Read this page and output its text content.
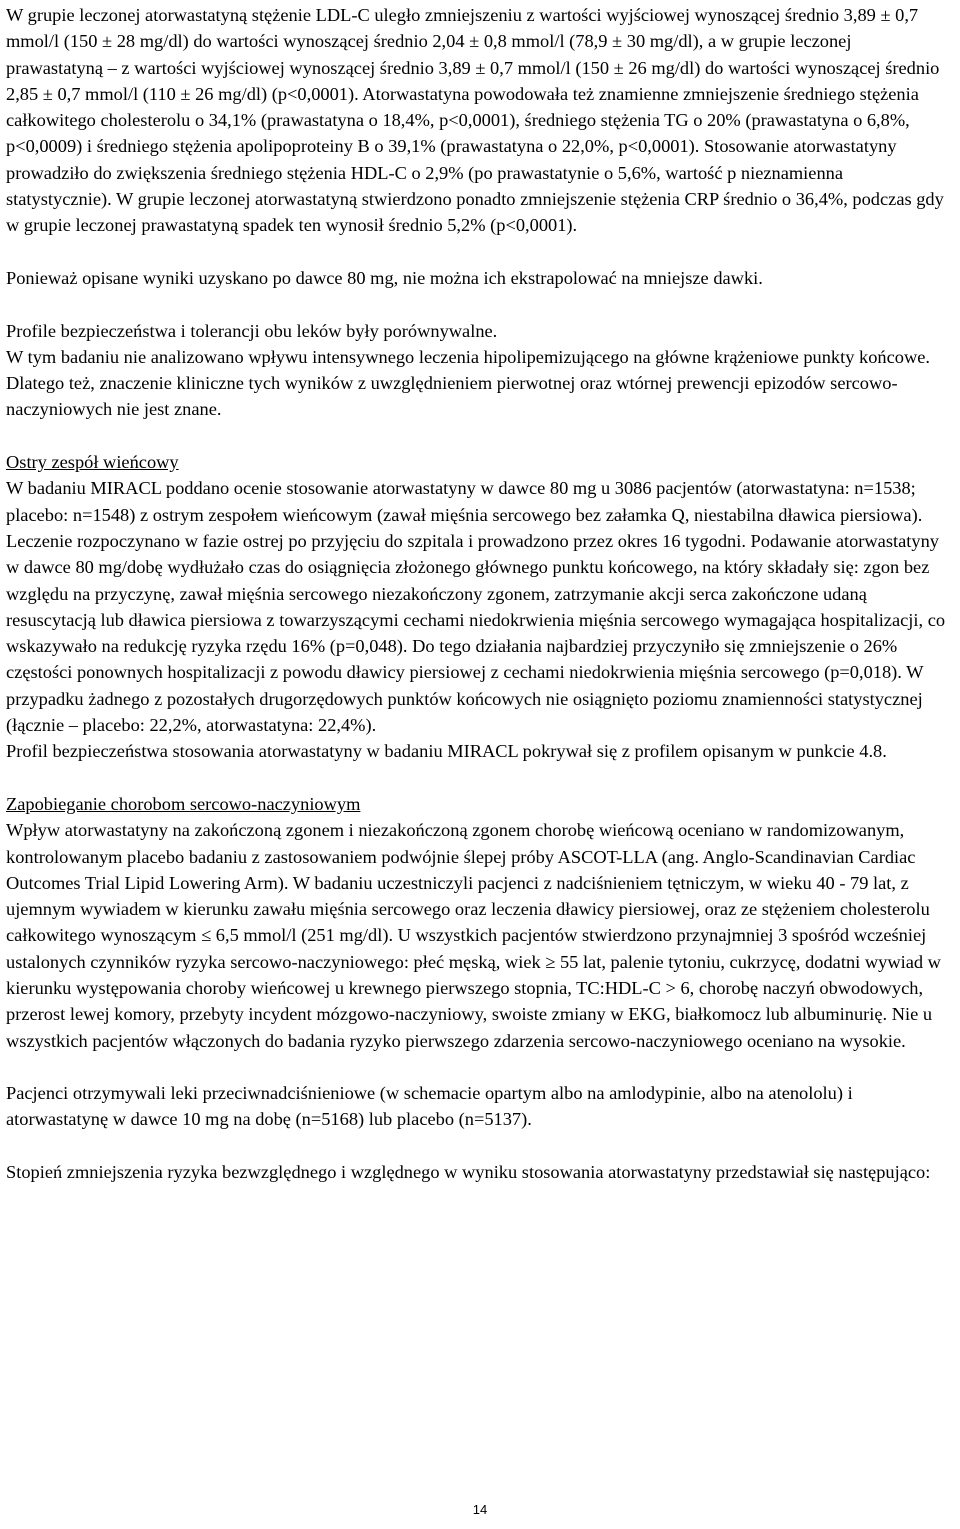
W grupie leczonej atorwastatyną stężenie LDL-C uległo zmniejszeniu z wartości wyjściowej wynoszącej średnio 3,89 ± 0,7 mmol/l (150 ± 28 mg/dl) do wartości wynoszącej średnio 2,04 ± 0,8 mmol/l (78,9 ± 30 mg/dl), a w grupie leczonej prawastatyną – z wartości wyjściowej wynoszącej średnio 3,89 ± 0,7 mmol/l (150 ± 26 mg/dl) do wartości wynoszącej średnio 2,85 ± 0,7 mmol/l (110 ± 26 mg/dl) (p<0,0001). Atorwastatyna powodowała też znamienne zmniejszenie średniego stężenia całkowitego cholesterolu o 34,1% (prawastatyna o 18,4%, p<0,0001), średniego stężenia TG o 20% (prawastatyna o 6,8%, p<0,0009) i średniego stężenia apolipoproteiny B o 39,1% (prawastatyna o 22,0%, p<0,0001). Stosowanie atorwastatyny prowadziło do zwiększenia średniego stężenia HDL-C o 2,9% (po prawastatynie o 5,6%, wartość p nieznamienna statystycznie). W grupie leczonej atorwastatyną stwierdzono ponadto zmniejszenie stężenia CRP średnio o 36,4%, podczas gdy w grupie leczonej prawastatyną spadek ten wynosił średnio 5,2% (p<0,0001).

Ponieważ opisane wyniki uzyskano po dawce 80 mg, nie można ich ekstrapolować na mniejsze dawki.

Profile bezpieczeństwa i tolerancji obu leków były porównywalne.

W tym badaniu nie analizowano wpływu intensywnego leczenia hipolipemizującego na główne krążeniowe punkty końcowe. Dlatego też, znaczenie kliniczne tych wyników z uwzględnieniem pierwotnej oraz wtórnej prewencji epizodów sercowo-naczyniowych nie jest znane.

Ostry zespół wieńcowy

W badaniu MIRACL poddano ocenie stosowanie atorwastatyny w dawce 80 mg u 3086 pacjentów (atorwastatyna: n=1538; placebo: n=1548) z ostrym zespołem wieńcowym (zawał mięśnia sercowego bez załamka Q, niestabilna dławica piersiowa). Leczenie rozpoczynano w fazie ostrej po przyjęciu do szpitala i prowadzono przez okres 16 tygodni. Podawanie atorwastatyny w dawce 80 mg/dobę wydłużało czas do osiągnięcia złożonego głównego punktu końcowego, na który składały się: zgon bez względu na przyczynę, zawał mięśnia sercowego niezakończony zgonem, zatrzymanie akcji serca zakończone udaną resuscytacją lub dławica piersiowa z towarzyszącymi cechami niedokrwienia mięśnia sercowego wymagająca hospitalizacji, co wskazywało na redukcję ryzyka rzędu 16% (p=0,048). Do tego działania najbardziej przyczyniło się zmniejszenie o 26% częstości ponownych hospitalizacji z powodu dławicy piersiowej z cechami niedokrwienia mięśnia sercowego (p=0,018). W przypadku żadnego z pozostałych drugorzędowych punktów końcowych nie osiągnięto poziomu znamienności statystycznej (łącznie – placebo: 22,2%, atorwastatyna: 22,4%).

Profil bezpieczeństwa stosowania atorwastatyny w badaniu MIRACL pokrywał się z profilem opisanym w punkcie 4.8.

Zapobieganie chorobom sercowo-naczyniowym

Wpływ atorwastatyny na zakończoną zgonem i niezakończoną zgonem chorobę wieńcową oceniano w randomizowanym, kontrolowanym placebo badaniu z zastosowaniem podwójnie ślepej próby ASCOT-LLA (ang. Anglo-Scandinavian Cardiac Outcomes Trial Lipid Lowering Arm). W badaniu uczestniczyli pacjenci z nadciśnieniem tętniczym, w wieku 40 - 79 lat, z ujemnym wywiadem w kierunku zawału mięśnia sercowego oraz leczenia dławicy piersiowej, oraz ze stężeniem cholesterolu całkowitego wynoszącym ≤ 6,5 mmol/l (251 mg/dl). U wszystkich pacjentów stwierdzono przynajmniej 3 spośród wcześniej ustalonych czynników ryzyka sercowo-naczyniowego: płeć męską, wiek ≥ 55 lat, palenie tytoniu, cukrzycę, dodatni wywiad w kierunku występowania choroby wieńcowej u krewnego pierwszego stopnia, TC:HDL-C > 6, chorobę naczyń obwodowych, przerost lewej komory, przebyty incydent mózgowo-naczyniowy, swoiste zmiany w EKG, białkomocz lub albuminurię. Nie u wszystkich pacjentów włączonych do badania ryzyko pierwszego zdarzenia sercowo-naczyniowego oceniano na wysokie.

Pacjenci otrzymywali leki przeciwnadciśnieniowe (w schemacie opartym albo na amlodypinie, albo na atenololu) i atorwastatynę w dawce 10 mg na dobę (n=5168) lub placebo (n=5137).

Stopień zmniejszenia ryzyka bezwzględnego i względnego w wyniku stosowania atorwastatyny przedstawiał się następująco:

14
